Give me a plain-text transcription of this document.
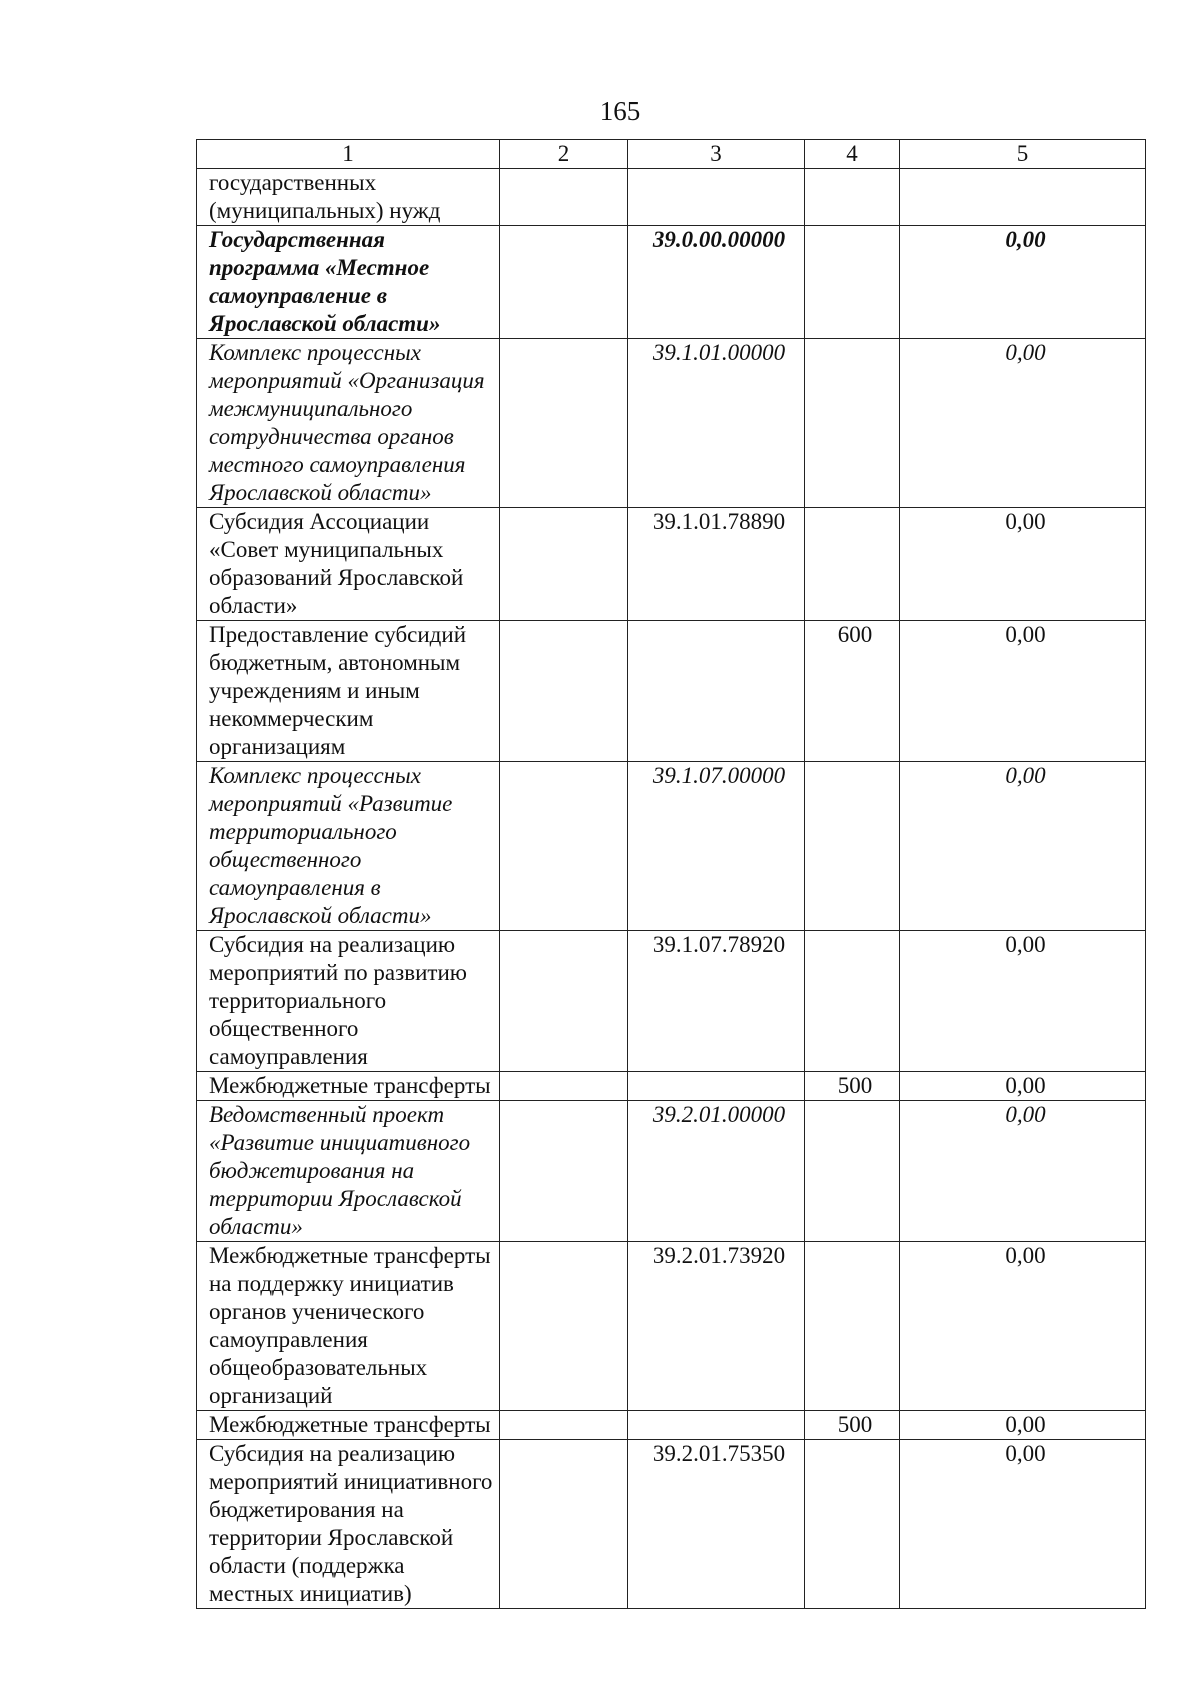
165
1	2	3	4	5
государственных (муниципальных) нужд				
Государственная программа «Местное самоуправление в Ярославской области»		39.0.00.00000		0,00
Комплекс процессных мероприятий «Организация межмуниципального сотрудничества органов местного самоуправления Ярославской области»		39.1.01.00000		0,00
Субсидия Ассоциации «Совет муниципальных образований Ярославской области»		39.1.01.78890		0,00
Предоставление субсидий бюджетным, автономным учреждениям и иным некоммерческим организациям			600	0,00
Комплекс процессных мероприятий «Развитие территориального общественного самоуправления в Ярославской области»		39.1.07.00000		0,00
Субсидия на реализацию мероприятий по развитию территориального общественного самоуправления		39.1.07.78920		0,00
Межбюджетные трансферты			500	0,00
Ведомственный проект «Развитие инициативного бюджетирования на территории Ярославской области»		39.2.01.00000		0,00
Межбюджетные трансферты на поддержку инициатив органов ученического самоуправления общеобразовательных организаций		39.2.01.73920		0,00
Межбюджетные трансферты			500	0,00
Субсидия на реализацию мероприятий инициативного бюджетирования на территории Ярославской области (поддержка местных инициатив)		39.2.01.75350		0,00
